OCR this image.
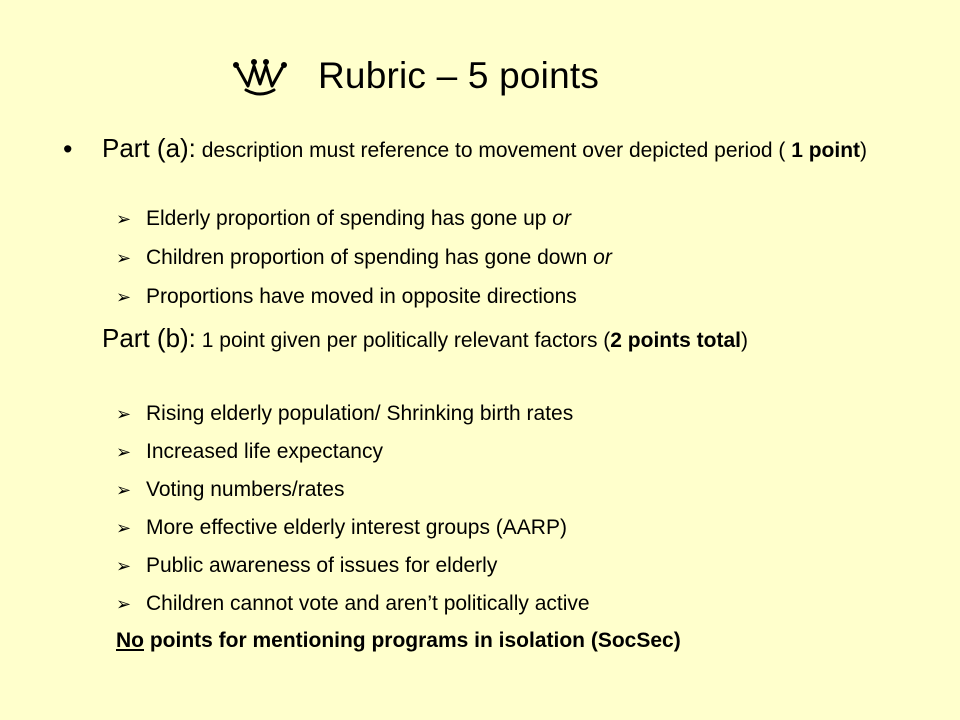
Rubric – 5 points
• Part (a): description must reference to movement over depicted period ( 1 point)
➢ Elderly proportion of spending has gone up or
➢ Children proportion of spending has gone down or
➢ Proportions have moved in opposite directions
Part (b): 1 point given per politically relevant factors (2 points total)
➢ Rising elderly population/ Shrinking birth rates
➢ Increased life expectancy
➢ Voting numbers/rates
➢ More effective elderly interest groups (AARP)
➢ Public awareness of issues for elderly
➢ Children cannot vote and aren’t politically active
No points for mentioning programs in isolation (SocSec)
